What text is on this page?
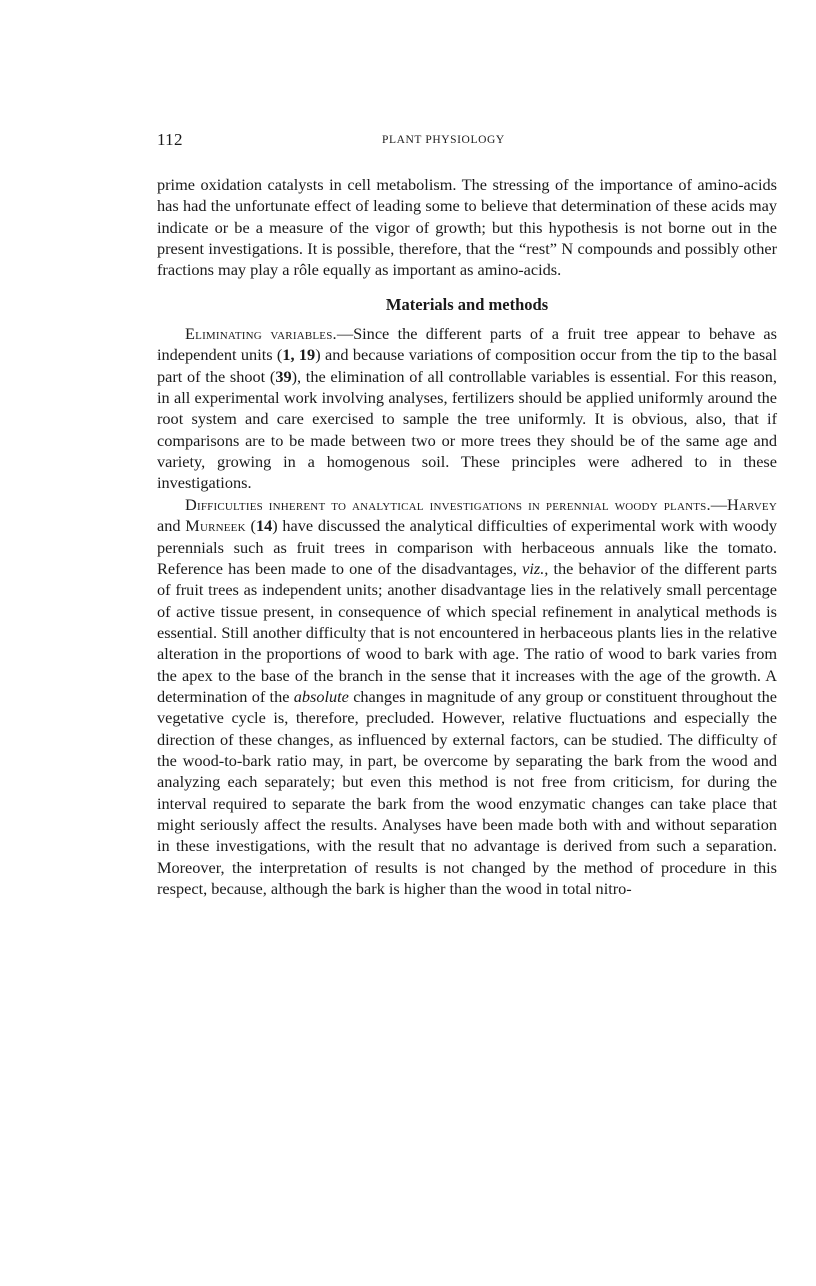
112	PLANT PHYSIOLOGY

prime oxidation catalysts in cell metabolism. The stressing of the importance of amino-acids has had the unfortunate effect of leading some to believe that determination of these acids may indicate or be a measure of the vigor of growth; but this hypothesis is not borne out in the present investigations. It is possible, therefore, that the “rest” N compounds and possibly other fractions may play a rôle equally as important as amino-acids.

Materials and methods

Eliminating variables.—Since the different parts of a fruit tree appear to behave as independent units (1, 19) and because variations of composition occur from the tip to the basal part of the shoot (39), the elimination of all controllable variables is essential. For this reason, in all experimental work involving analyses, fertilizers should be applied uniformly around the root system and care exercised to sample the tree uniformly. It is obvious, also, that if comparisons are to be made between two or more trees they should be of the same age and variety, growing in a homogenous soil. These principles were adhered to in these investigations.

Difficulties inherent to analytical investigations in perennial woody plants.—Harvey and Murneek (14) have discussed the analytical difficulties of experimental work with woody perennials such as fruit trees in comparison with herbaceous annuals like the tomato. Reference has been made to one of the disadvantages, viz., the behavior of the different parts of fruit trees as independent units; another disadvantage lies in the relatively small percentage of active tissue present, in consequence of which special refinement in analytical methods is essential. Still another difficulty that is not encountered in herbaceous plants lies in the relative alteration in the proportions of wood to bark with age. The ratio of wood to bark varies from the apex to the base of the branch in the sense that it increases with the age of the growth. A determination of the absolute changes in magnitude of any group or constituent throughout the vegetative cycle is, therefore, precluded. However, relative fluctuations and especially the direction of these changes, as influenced by external factors, can be studied. The difficulty of the wood-to-bark ratio may, in part, be overcome by separating the bark from the wood and analyzing each separately; but even this method is not free from criticism, for during the interval required to separate the bark from the wood enzymatic changes can take place that might seriously affect the results. Analyses have been made both with and without separation in these investigations, with the result that no advantage is derived from such a separation. Moreover, the interpretation of results is not changed by the method of procedure in this respect, because, although the bark is higher than the wood in total nitro-
